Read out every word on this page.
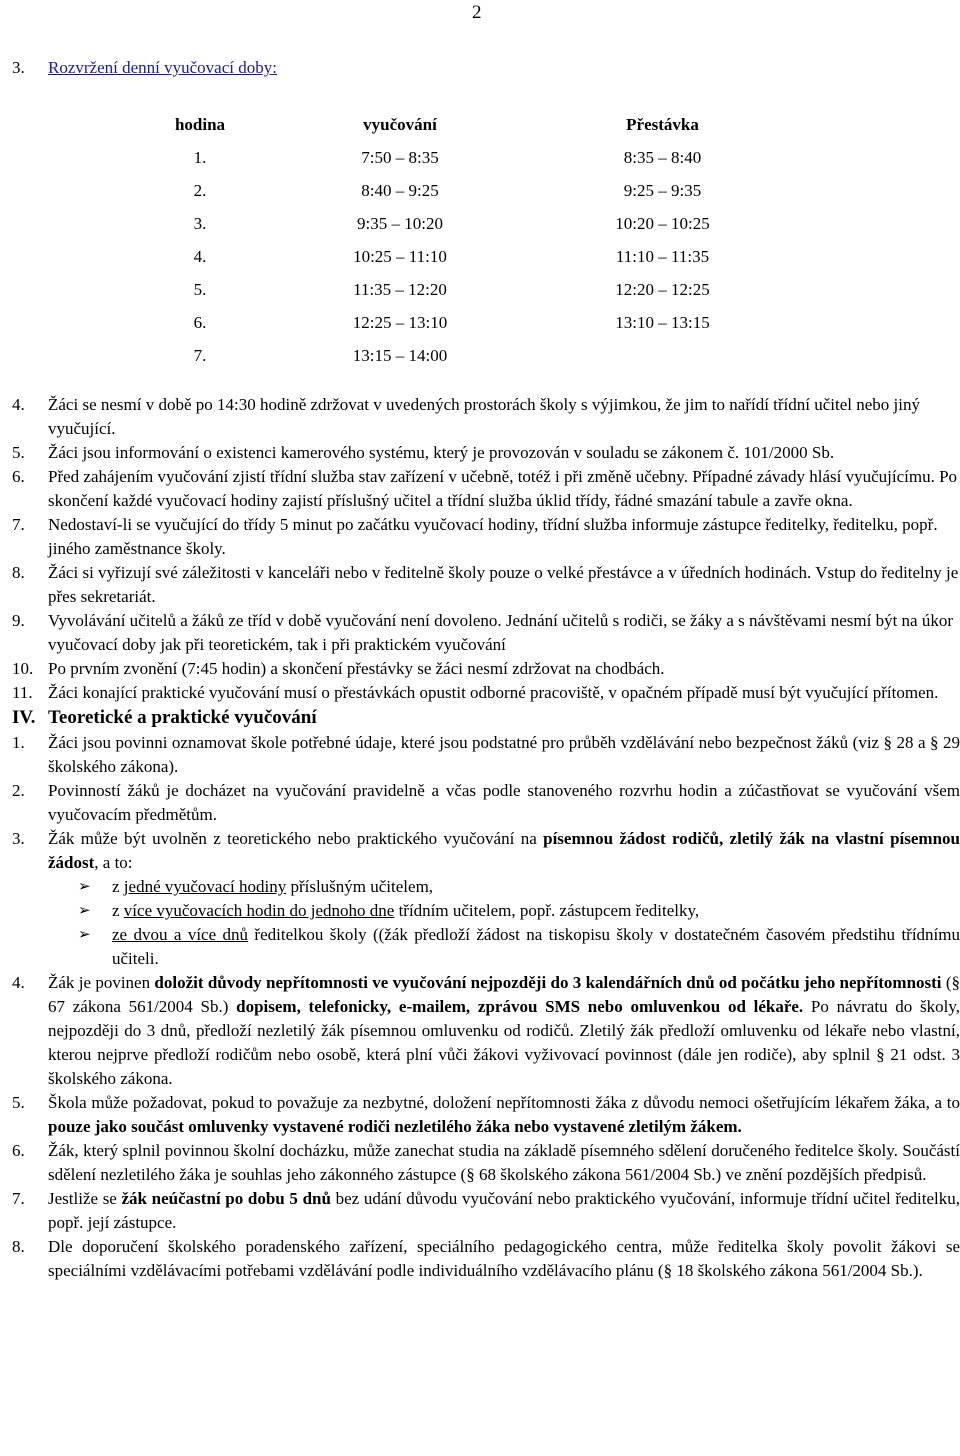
2
3. Rozvržení denní vyučovací doby:
hodina	vyučování	Přestávka
1.	7:50 – 8:35	8:35 – 8:40
2.	8:40 – 9:25	9:25 – 9:35
3.	9:35 – 10:20	10:20 – 10:25
4.	10:25 – 11:10	11:10 – 11:35
5.	11:35 – 12:20	12:20 – 12:25
6.	12:25 – 13:10	13:10 – 13:15
7.	13:15 – 14:00	
4. Žáci se nesmí v době po 14:30 hodině zdržovat v uvedených prostorách školy s výjimkou, že jim to nařídí třídní učitel nebo jiný vyučující.
5. Žáci jsou informování o existenci kamerového systému, který je provozován v souladu se zákonem č. 101/2000 Sb.
6. Před zahájením vyučování zjistí třídní služba stav zařízení v učebně, totéž i při změně učebny. Případné závady hlásí vyučujícímu. Po skončení každé vyučovací hodiny zajistí příslušný učitel a třídní služba úklid třídy, řádné smazání tabule a zavře okna.
7. Nedostaví-li se vyučující do třídy 5 minut po začátku vyučovací hodiny, třídní služba informuje zástupce ředitelky, ředitelku, popř. jiného zaměstnance školy.
8. Žáci si vyřizují své záležitosti v kanceláři nebo v ředitelně školy pouze o velké přestávce a v úředních hodinách. Vstup do ředitelny je přes sekretariát.
9. Vyvolávání učitelů a žáků ze tříd v době vyučování není dovoleno. Jednání učitelů s rodiči, se žáky a s návštěvami nesmí být na úkor vyučovací doby jak při teoretickém, tak i při praktickém vyučování
10. Po prvním zvonění (7:45 hodin) a skončení přestávky se žáci nesmí zdržovat na chodbách.
11. Žáci konající praktické vyučování musí o přestávkách opustit odborné pracoviště, v opačném případě musí být vyučující přítomen.
IV. Teoretické a praktické vyučování
1. Žáci jsou povinni oznamovat škole potřebné údaje, které jsou podstatné pro průběh vzdělávání nebo bezpečnost žáků (viz § 28 a § 29 školského zákona).
2. Povinností žáků je docházet na vyučování pravidelně a včas podle stanoveného rozvrhu hodin a zúčastňovat se vyučování všem vyučovacím předmětům.
3. Žák může být uvolněn z teoretického nebo praktického vyučování na písemnou žádost rodičů, zletilý žák na vlastní písemnou žádost, a to:
➢ z jedné vyučovací hodiny příslušným učitelem,
➢ z více vyučovacích hodin do jednoho dne třídním učitelem, popř. zástupcem ředitelky,
➢ ze dvou a více dnů ředitelkou školy ((žák předloží žádost na tiskopisu školy v dostatečném časovém předstihu třídnímu učiteli.
4. Žák je povinen doložit důvody nepřítomnosti ve vyučování nejpozději do 3 kalendářních dnů od počátku jeho nepřítomnosti (§ 67 zákona 561/2004 Sb.) dopisem, telefonicky, e-mailem, zprávou SMS nebo omluvenkou od lékaře. Po návratu do školy, nejpozději do 3 dnů, předloží nezletilý žák písemnou omluvenku od rodičů. Zletilý žák předloží omluvenku od lékaře nebo vlastní, kterou nejprve předloží rodičům nebo osobě, která plní vůči žákovi vyživovací povinnost (dále jen rodiče), aby splnil § 21 odst. 3 školského zákona.
5. Škola může požadovat, pokud to považuje za nezbytné, doložení nepřítomnosti žáka z důvodu nemoci ošetřujícím lékařem žáka, a to pouze jako součást omluvenky vystavené rodiči nezletilého žáka nebo vystavené zletilým žákem.
6. Žák, který splnil povinnou školní docházku, může zanechat studia na základě písemného sdělení doručeného ředitelce školy. Součástí sdělení nezletilého žáka je souhlas jeho zákonného zástupce (§ 68 školského zákona 561/2004 Sb.) ve znění pozdějších předpisů.
7. Jestliže se žák neúčastní po dobu 5 dnů bez udání důvodu vyučování nebo praktického vyučování, informuje třídní učitel ředitelku, popř. její zástupce.
8. Dle doporučení školského poradenského zařízení, speciálního pedagogického centra, může ředitelka školy povolit žákovi se speciálními vzdělávacími potřebami vzdělávání podle individuálního vzdělávacího plánu (§ 18 školského zákona 561/2004 Sb.).
